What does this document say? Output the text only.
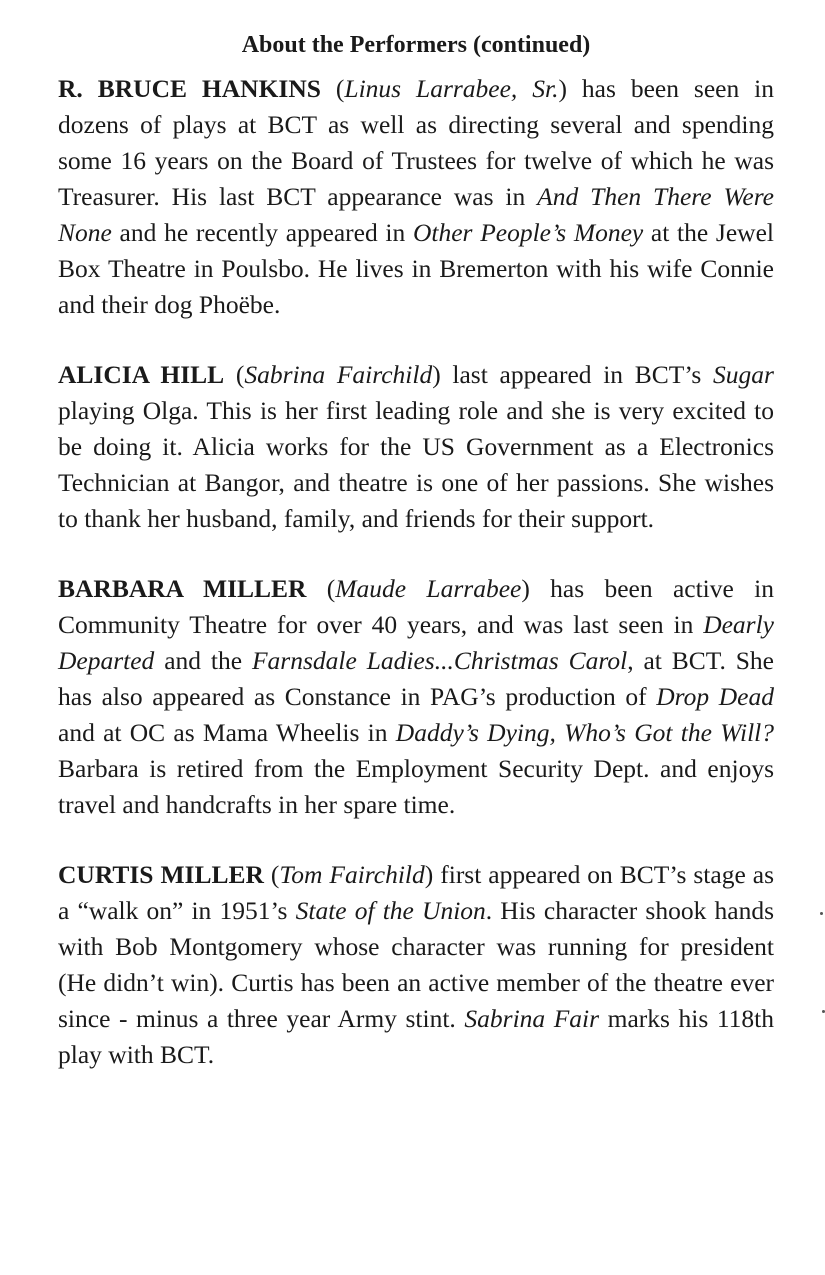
About the Performers (continued)

R. BRUCE HANKINS (Linus Larrabee, Sr.) has been seen in dozens of plays at BCT as well as directing several and spending some 16 years on the Board of Trustees for twelve of which he was Treasurer. His last BCT appearance was in And Then There Were None and he recently appeared in Other People’s Money at the Jewel Box Theatre in Poulsbo. He lives in Bremerton with his wife Connie and their dog Phoëbe.

ALICIA HILL (Sabrina Fairchild) last appeared in BCT’s Sugar playing Olga. This is her first leading role and she is very excited to be doing it. Alicia works for the US Government as a Electronics Technician at Bangor, and theatre is one of her passions. She wishes to thank her husband, family, and friends for their support.

BARBARA MILLER (Maude Larrabee) has been active in Community Theatre for over 40 years, and was last seen in Dearly Departed and the Farnsdale Ladies...Christmas Carol, at BCT. She has also appeared as Constance in PAG’s production of Drop Dead and at OC as Mama Wheelis in Daddy’s Dying, Who’s Got the Will? Barbara is retired from the Employment Security Dept. and enjoys travel and handcrafts in her spare time.

CURTIS MILLER (Tom Fairchild) first appeared on BCT’s stage as a “walk on” in 1951’s State of the Union. His character shook hands with Bob Montgomery whose character was running for president (He didn’t win). Curtis has been an active member of the theatre ever since - minus a three year Army stint. Sabrina Fair marks his 118th play with BCT.
